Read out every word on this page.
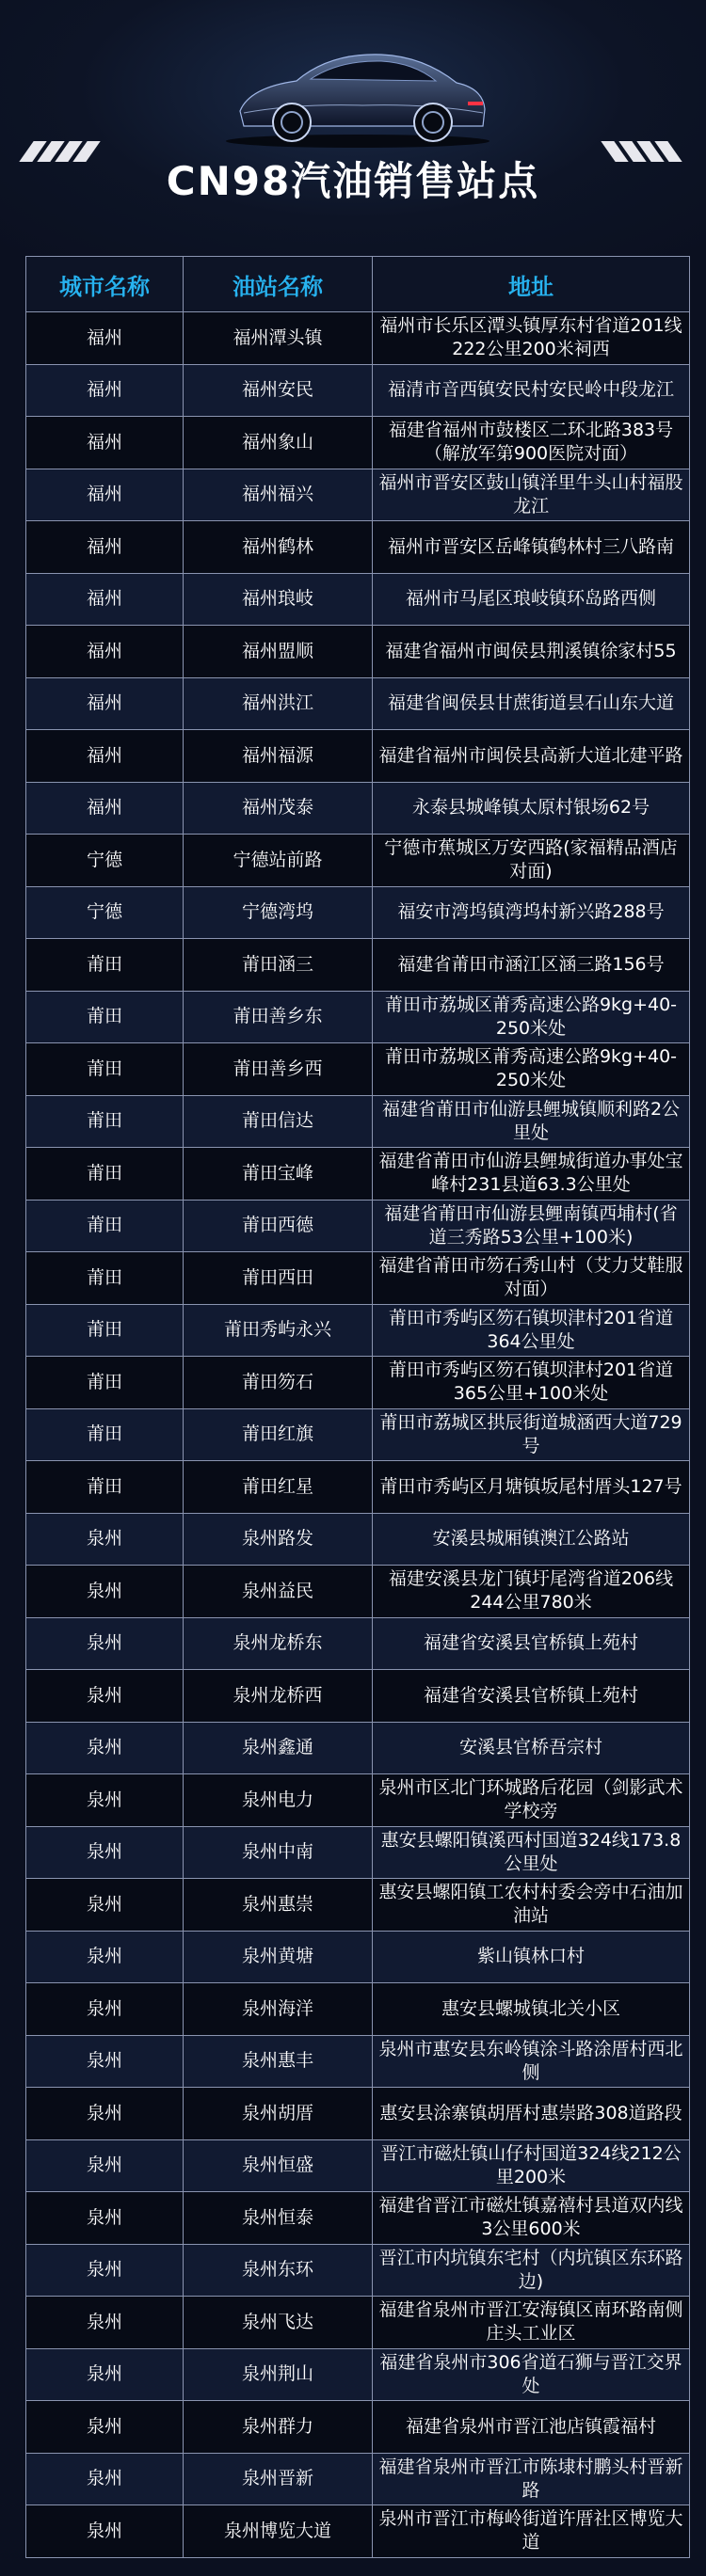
CN98汽油销售站点
城市名称	油站名称	地址
福州	福州潭头镇	福州市长乐区潭头镇厚东村省道201线222公里200米祠西
福州	福州安民	福清市音西镇安民村安民岭中段龙江
福州	福州象山	福建省福州市鼓楼区二环北路383号（解放军第900医院对面）
福州	福州福兴	福州市晋安区鼓山镇洋里牛头山村福股龙江
福州	福州鹤林	福州市晋安区岳峰镇鹤林村三八路南
福州	福州琅岐	福州市马尾区琅岐镇环岛路西侧
福州	福州盟顺	福建省福州市闽侯县荆溪镇徐家村55
福州	福州洪江	福建省闽侯县甘蔗街道昙石山东大道
福州	福州福源	福建省福州市闽侯县高新大道北建平路
福州	福州茂泰	永泰县城峰镇太原村银场62号
宁德	宁德站前路	宁德市蕉城区万安西路(家福精品酒店对面)
宁德	宁德湾坞	福安市湾坞镇湾坞村新兴路288号
莆田	莆田涵三	福建省莆田市涵江区涵三路156号
莆田	莆田善乡东	莆田市荔城区莆秀高速公路9kg+40-250米处
莆田	莆田善乡西	莆田市荔城区莆秀高速公路9kg+40-250米处
莆田	莆田信达	福建省莆田市仙游县鲤城镇顺利路2公里处
莆田	莆田宝峰	福建省莆田市仙游县鲤城街道办事处宝峰村231县道63.3公里处
莆田	莆田西德	福建省莆田市仙游县鲤南镇西埔村(省道三秀路53公里+100米)
莆田	莆田西田	福建省莆田市笏石秀山村（艾力艾鞋服对面）
莆田	莆田秀屿永兴	莆田市秀屿区笏石镇坝津村201省道364公里处
莆田	莆田笏石	莆田市秀屿区笏石镇坝津村201省道365公里+100米处
莆田	莆田红旗	莆田市荔城区拱辰街道城涵西大道729号
莆田	莆田红星	莆田市秀屿区月塘镇坂尾村厝头127号
泉州	泉州路发	安溪县城厢镇澳江公路站
泉州	泉州益民	福建安溪县龙门镇圩尾湾省道206线244公里780米
泉州	泉州龙桥东	福建省安溪县官桥镇上苑村
泉州	泉州龙桥西	福建省安溪县官桥镇上苑村
泉州	泉州鑫通	安溪县官桥吾宗村
泉州	泉州电力	泉州市区北门环城路后花园（剑影武术学校旁
泉州	泉州中南	惠安县螺阳镇溪西村国道324线173.8公里处
泉州	泉州惠崇	惠安县螺阳镇工农村村委会旁中石油加油站
泉州	泉州黄塘	紫山镇林口村
泉州	泉州海洋	惠安县螺城镇北关小区
泉州	泉州惠丰	泉州市惠安县东岭镇涂斗路涂厝村西北侧
泉州	泉州胡厝	惠安县涂寨镇胡厝村惠崇路308道路段
泉州	泉州恒盛	晋江市磁灶镇山仔村国道324线212公里200米
泉州	泉州恒泰	福建省晋江市磁灶镇嘉禧村县道双内线3公里600米
泉州	泉州东环	晋江市内坑镇东宅村（内坑镇区东环路边)
泉州	泉州飞达	福建省泉州市晋江安海镇区南环路南侧庄头工业区
泉州	泉州荆山	福建省泉州市306省道石狮与晋江交界处
泉州	泉州群力	福建省泉州市晋江池店镇霞福村
泉州	泉州晋新	福建省泉州市晋江市陈埭村鹏头村晋新路
泉州	泉州博览大道	泉州市晋江市梅岭街道许厝社区博览大道
